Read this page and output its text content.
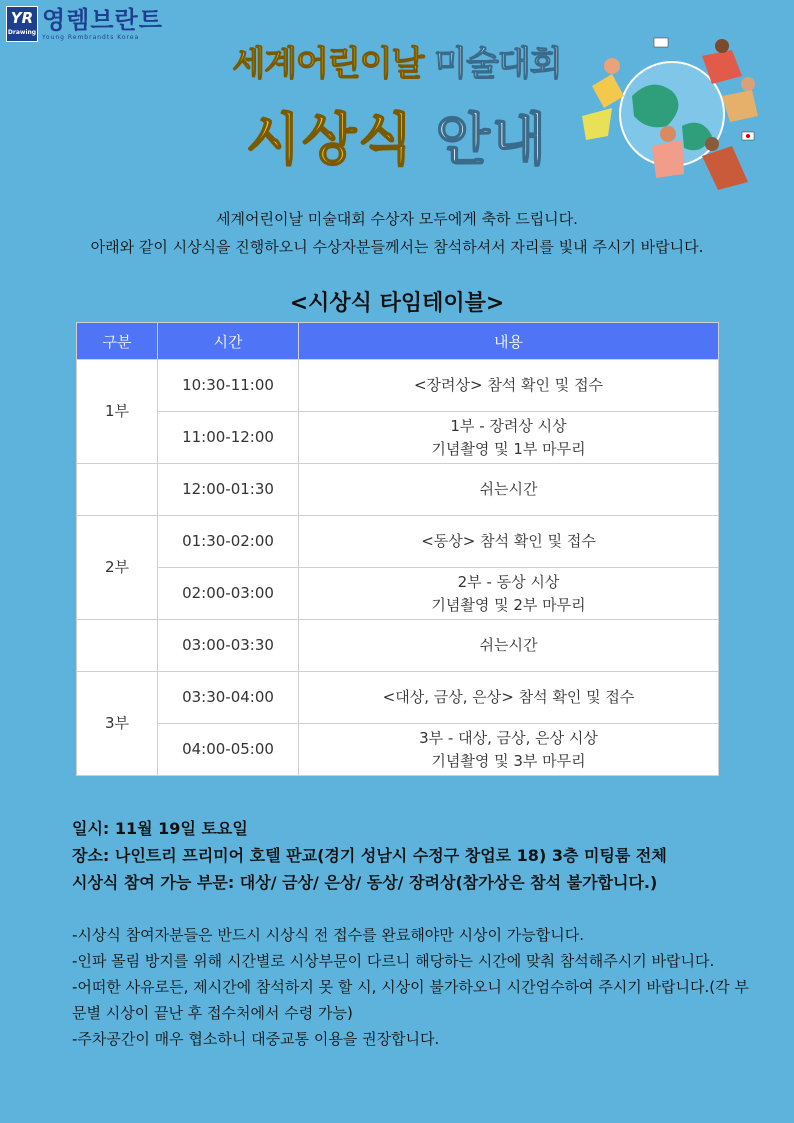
YR
Drawing 영렘브란트
Young Rembrandts Korea
세계어린이날 미술대회
시상식 안내
세계어린이날 미술대회 수상자 모두에게 축하 드립니다.
아래와 같이 시상식을 진행하오니 수상자분들께서는 참석하셔서 자리를 빛내 주시기 바랍니다.
<시상식 타임테이블>
구분	시간	내용
1부	10:30-11:00	<장려상> 참석 확인 및 접수
	11:00-12:00	1부 - 장려상 시상
기념촬영 및 1부 마무리

	12:00-01:30	쉬는시간
2부	01:30-02:00	<동상> 참석 확인 및 접수
	02:00-03:00	2부 - 동상 시상
기념촬영 및 2부 마무리

	03:00-03:30	쉬는시간
3부	03:30-04:00	<대상, 금상, 은상> 참석 확인 및 접수
	04:00-05:00	3부 - 대상, 금상, 은상 시상
기념촬영 및 3부 마무리
일시: 11월 19일 토요일
장소: 나인트리 프리미어 호텔 판교(경기 성남시 수정구 창업로 18) 3층 미팅룸 전체
시상식 참여 가능 부문: 대상/ 금상/ 은상/ 동상/ 장려상(참가상은 참석 불가합니다.)
-시상식 참여자분들은 반드시 시상식 전 접수를 완료해야만 시상이 가능합니다.
-인파 몰림 방지를 위해 시간별로 시상부문이 다르니 해당하는 시간에 맞춰 참석해주시기 바랍니다.
-어떠한 사유로든, 제시간에 참석하지 못 할 시, 시상이 불가하오니 시간엄수하여 주시기 바랍니다.(각 부문별 시상이 끝난 후 접수처에서 수령 가능)
-주차공간이 매우 협소하니 대중교통 이용을 권장합니다.
